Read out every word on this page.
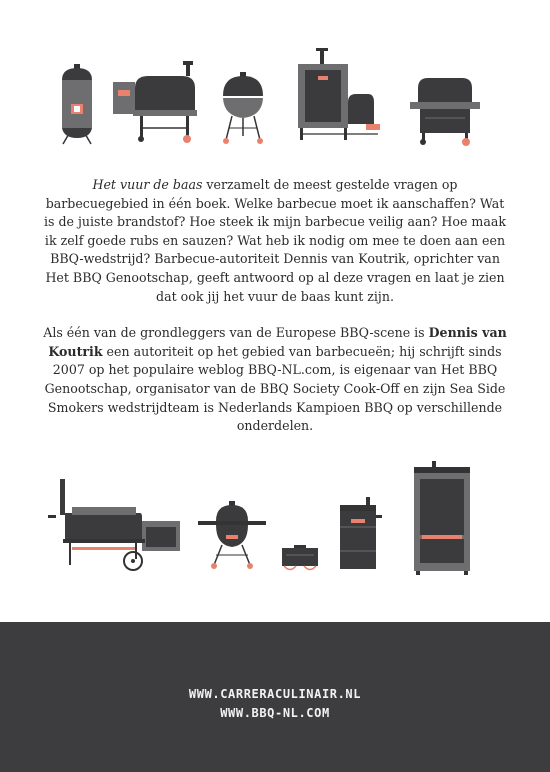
Het vuur de baas verzamelt de meest gestelde vragen op barbecuegebied in één boek. Welke barbecue moet ik aanschaffen? Wat is de juiste brandstof? Hoe steek ik mijn barbecue veilig aan? Hoe maak ik zelf goede rubs en sauzen? Wat heb ik nodig om mee te doen aan een BBQ-wedstrijd? Barbecue-autoriteit Dennis van Koutrik, oprichter van Het BBQ Genootschap, geeft antwoord op al deze vragen en laat je zien dat ook jij het vuur de baas kunt zijn.

Als één van de grondleggers van de Europese BBQ-scene is Dennis van Koutrik een autoriteit op het gebied van barbecueën; hij schrijft sinds 2007 op het populaire weblog BBQ-NL.com, is eigenaar van Het BBQ Genootschap, organisator van de BBQ Society Cook-Off en zijn Sea Side Smokers wedstrijdteam is Nederlands Kampioen BBQ op verschillende onderdelen.

WWW.CARRERACULINAIR.NL
WWW.BBQ-NL.COM
